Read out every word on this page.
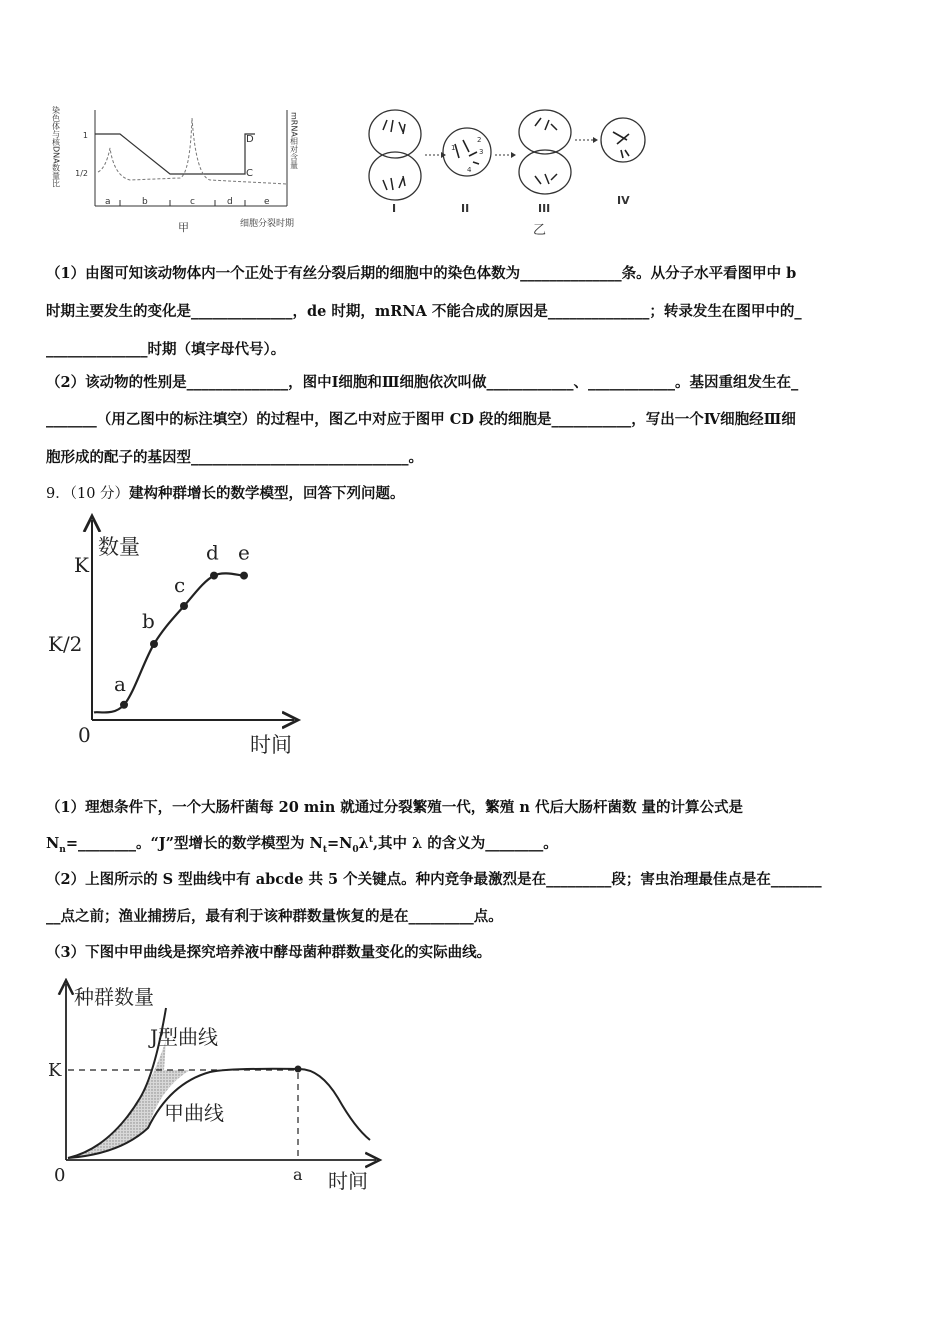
染色体与核DNA数量比	1
1/2
mRNA相对含量
D
C
a	b	c	d	e
甲	细胞分裂时期
I
1
2
3
4
II	III
IV
乙
（1）由图可知该动物体内一个正处于有丝分裂后期的细胞中的染色体数为______________条。从分子水平看图甲中 b
时期主要发生的变化是______________，de 时期，mRNA 不能合成的原因是______________；转录发生在图甲中的_
______________时期（填字母代号）。
（2）该动物的性别是______________，图中Ⅰ细胞和Ⅲ细胞依次叫做____________、____________。基因重组发生在_
_______（用乙图中的标注填空）的过程中，图乙中对应于图甲 CD 段的细胞是___________，写出一个Ⅳ细胞经Ⅲ细
胞形成的配子的基因型______________________________。
9．（10 分）建构种群增长的数学模型，回答下列问题。
数量
时间
K
K/2
0
a
b
c
d e
（1）理想条件下，一个大肠杆菌每 20 min 就通过分裂繁殖一代，繁殖 n 代后大肠杆菌数 量的计算公式是
$N_n=\_\_\_\_\_\_\_\_$。“J”型增长的数学模型为 $N_t=N_0\lambda^t$,其中 λ 的含义为________。
（2）上图所示的 S 型曲线中有 abcde 共 5 个关键点。种内竞争最激烈是在_________段；害虫治理最佳点是在_______
__点之前；渔业捕捞后，最有利于该种群数量恢复的是在_________点。
（3）下图中甲曲线是探究培养液中酵母菌种群数量变化的实际曲线。
种群数量
K
0
J型曲线
甲曲线
a 时间
